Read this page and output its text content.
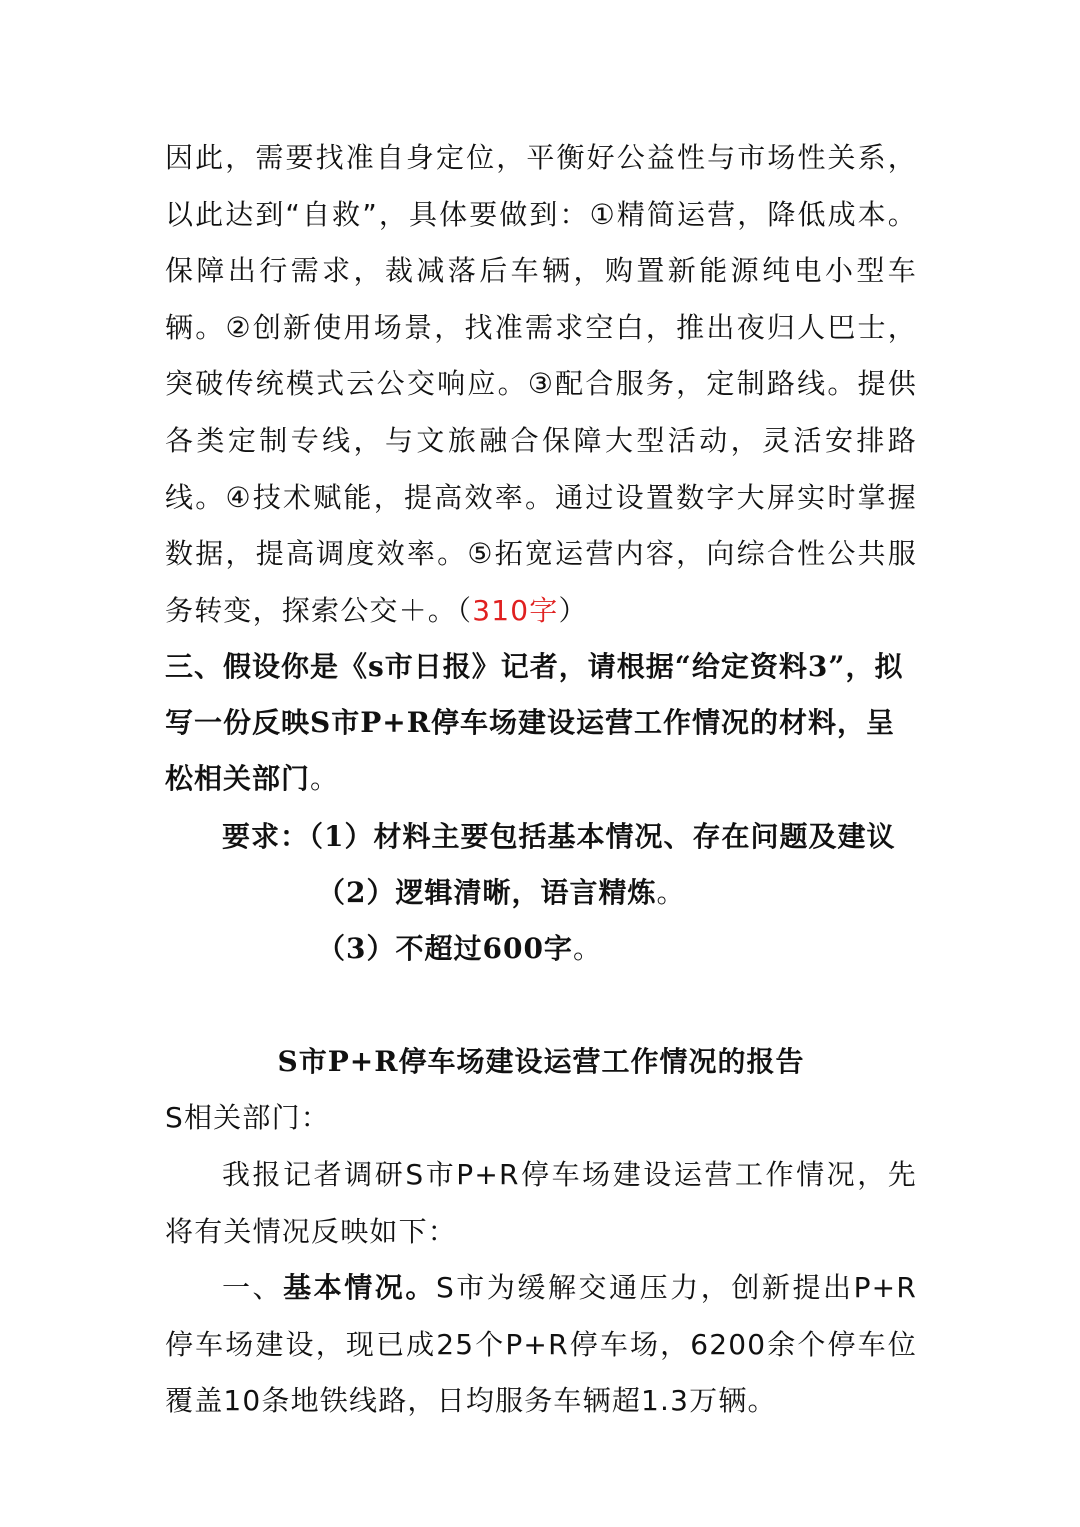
因此，需要找准自身定位，平衡好公益性与市场性关系，以此达到“自救”，具体要做到：①精简运营，降低成本。保障出行需求，裁减落后车辆，购置新能源纯电小型车辆。②创新使用场景，找准需求空白，推出夜归人巴士，突破传统模式云公交响应。③配合服务，定制路线。提供各类定制专线，与文旅融合保障大型活动，灵活安排路线。④技术赋能，提高效率。通过设置数字大屏实时掌握数据，提高调度效率。⑤拓宽运营内容，向综合性公共服务转变，探索公交＋。（310字）

三、假设你是《s市日报》记者，请根据“给定资料3”，拟写一份反映S市P+R停车场建设运营工作情况的材料，呈松相关部门。

要求：（1）材料主要包括基本情况、存在问题及建议

（2）逻辑清晰，语言精炼。

（3）不超过600字。

S市P+R停车场建设运营工作情况的报告

S相关部门：

我报记者调研S市P+R停车场建设运营工作情况，先将有关情况反映如下：

一、基本情况。S市为缓解交通压力，创新提出P+R停车场建设，现已成25个P+R停车场，6200余个停车位覆盖10条地铁线路，日均服务车辆超1.3万辆。
